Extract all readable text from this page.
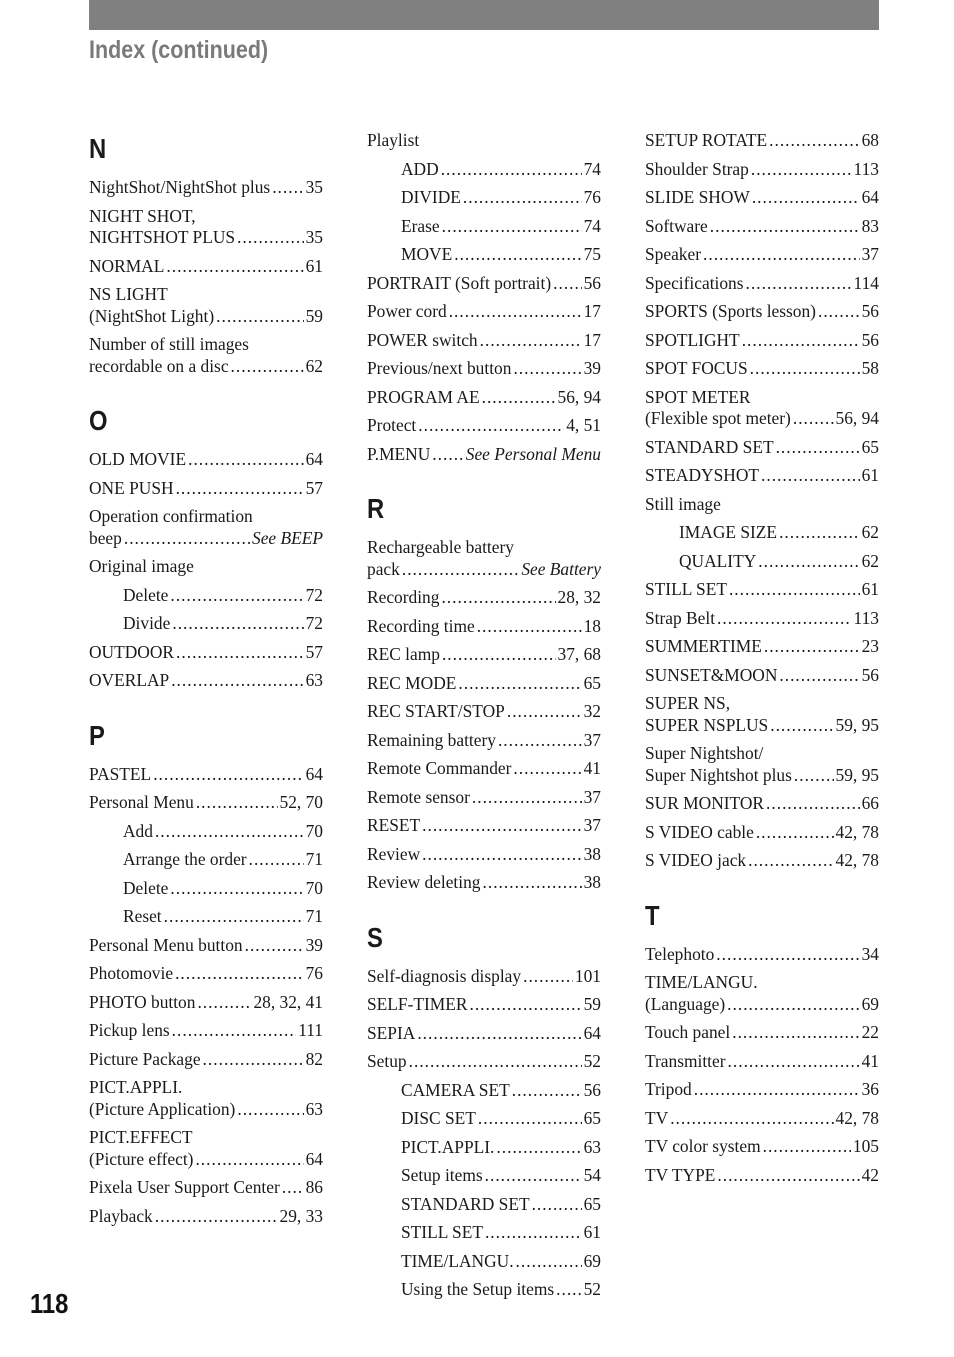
Index (continued)
N
NightShot/NightShot plus ..... 35
NIGHT SHOT,
NIGHTSHOT PLUS .....	35
NORMAL .....	61
NS LIGHT
(NightShot Light) .....	59
Number of still images
recordable on a disc .....	62
O
OLD MOVIE .....	64
ONE PUSH .....	57
Operation confirmation
beep .....	See BEEP
Original image
Delete .....	72
Divide .....	72
OUTDOOR .....	57
OVERLAP .....	63
P
PASTEL .....	64
Personal Menu .....	52, 70
Add .....	70
Arrange the order .....	71
Delete .....	70
Reset .....	71
Personal Menu button .....	39
Photomovie .....	76
PHOTO button .....	28, 32, 41
Pickup lens .....	111
Picture Package .....	82
PICT.APPLI.
(Picture Application) .....	63
PICT.EFFECT
(Picture effect) .....	64
Pixela User Support Center ..... 86
Playback .....	29, 33
Playlist
ADD .....	74
DIVIDE .....	76
Erase .....	74
MOVE .....	75
PORTRAIT (Soft portrait) ..... 56
Power cord .....	17
POWER switch .....	17
Previous/next button .....	39
PROGRAM AE .....	56, 94
Protect .....	4, 51
P.MENU ..... See Personal Menu
R
Rechargeable battery
pack .....	See Battery
Recording .....	28, 32
Recording time .....	18
REC lamp .....	37, 68
REC MODE .....	65
REC START/STOP .....	32
Remaining battery .....	37
Remote Commander .....	41
Remote sensor .....	37
RESET .....	37
Review .....	38
Review deleting .....	38
S
Self-diagnosis display .....	101
SELF-TIMER .....	59
SEPIA .....	64
Setup .....	52
CAMERA SET .....	56
DISC SET .....	65
PICT.APPLI. .....	63
Setup items .....	54
STANDARD SET .....	65
STILL SET .....	61
TIME/LANGU. .....	69
Using the Setup items ..... 52
SETUP ROTATE .....	68
Shoulder Strap .....	113
SLIDE SHOW .....	64
Software .....	83
Speaker .....	37
Specifications .....	114
SPORTS (Sports lesson) .....	56
SPOTLIGHT .....	56
SPOT FOCUS .....	58
SPOT METER
(Flexible spot meter) .....	56, 94
STANDARD SET .....	65
STEADYSHOT .....	61
Still image
IMAGE SIZE .....	62
QUALITY .....	62
STILL SET .....	61
Strap Belt .....	113
SUMMERTIME .....	23
SUNSET&MOON .....	56
SUPER NS,
SUPER NSPLUS .....	59, 95
Super Nightshot/
Super Nightshot plus .....	59, 95
SUR MONITOR .....	66
S VIDEO cable .....	42, 78
S VIDEO jack .....	42, 78
T
Telephoto .....	34
TIME/LANGU.
(Language) .....	69
Touch panel .....	22
Transmitter .....	41
Tripod .....	36
TV .....	42, 78
TV color system .....	105
TV TYPE .....	42
118
